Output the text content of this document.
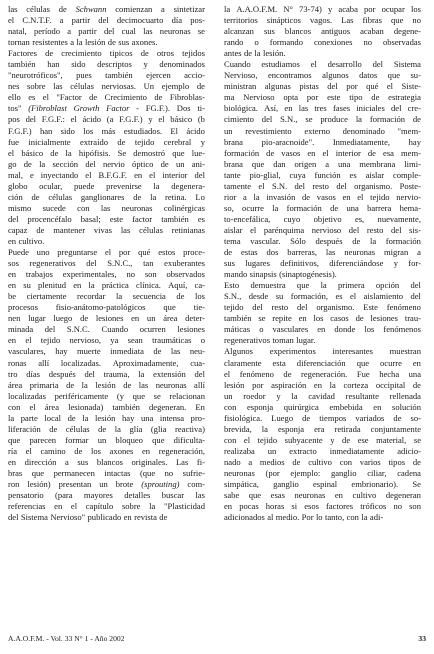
las células de Schwann comienzan a sintetizar
el C.N.T.F. a partir del decimocuarto día pos-
natal, período a partir del cual las neuronas se
tornan resistentes a la lesión de sus axones.
Factores de crecimiento tipicos de otros tejidos
también han sido descriptos y denominados
"neurotróficos", pues también ejercen accio-
nes sobre las células nerviosas. Un ejemplo de
ello es el "Factor de Crecimiento de Fibroblas-
tos" (Fibroblast Growth Factor - FG.F.). Dos ti-
pos del F.G.F.: el ácido (a F.G.F.) y el básico (b
F.G.F.) han sido los más estudiados. El ácido
fue inicialmente extraído de tejido cerebral y
el básico de la hipófisis. Se demostró que lue-
go de la sección del nervio óptico de un ani-
mal, e inyectando el B.F.G.F. en el interior del
globo ocular, puede prevenirse la degenera-
ción de células ganglionares de la retina. Lo
mismo sucede con las neuronas colinérgicas
del procencéfalo basal; este factor también es
capaz de mantener vivas las células retinianas
en cultivo.
Puede uno preguntarse el por qué estos proce-
sos regenerativos del S.N.C., tan exuberantes
en trabajos experimentales, no son observados
en su plenitud en la práctica clínica. Aquí, ca-
be ciertamente recordar la secuencia de los
procesos fisio-anátomo-patológicos que tie-
nen lugar luego de lesiones en un área deter-
minada del S.N.C. Cuando ocurren lesiones
en el tejido nervioso, ya sean traumáticas o
vasculares, hay muerte inmediata de las neu-
ronas allí localizadas. Aproximadamente, cua-
tro días después del trauma, la extensión del
área primaria de la lesión de las neuronas allí
localizadas periféricamente (y que se relacionan
con el área lesionada) también degeneran. En
la parte local de la lesión hay una intensa pro-
liferación de células de la glía (glia reactiva)
que parecen formar un bloqueo que dificulta-
ría el camino de los axones en regeneración,
en dirección a sus blancos originales. Las fi-
bras que permanecen intactas (que no sufrie-
ron lesión) presentan un brote (sprouting) com-
pensatorio (para mayores detalles buscar las
referencias en el capítulo sobre la "Plasticidad
del Sistema Nervioso" publicado en revista de
la A.A.O.F.M. N° 73-74) y acaba por ocupar los
territorios sinápticos vagos. Las fibras que no
alcanzan sus blancos antiguos acaban degene-
rando o formando conexiones no observadas
antes de la lesión.
Cuando estudiamos el desarrollo del Sistema
Nervioso, encontramos algunos datos que su-
ministran algunas pistas del por qué el Siste-
ma Nervioso opta por este tipo de estrategia
biológica. Así, en las tres fases iniciales del cre-
cimiento del S.N., se produce la formación de
un revestimiento externo denominado "mem-
brana pio-aracnoide". Inmediatamente, hay
formación de vasos en el interior de esa mem-
brana que dan origen a una membrana limi-
tante pio-glial, cuya función es aislar comple-
tamente el S.N. del resto del organismo. Poste-
rior a la invasión de vasos en el tejido nervio-
so, ocurre la formación de una barrera hema-
to-encefálica, cuyo objetivo es, nuevamente,
aislar el parénquima nervioso del resto del sis-
tema vascular. Sólo después de la formación
de estas dos barreras, las neuronas migran a
sus lugares definitivos, diferenciándose y for-
mando sinapsis (sinaptogénesis).
Esto demuestra que la primera opción del
S.N., desde su formación, es el aislamiento del
tejido del resto del organismo. Este fenómeno
también se repite en los casos de lesiones trau-
máticas o vasculares en donde los fenómenos
regenerativos toman lugar.
Algunos experimentos interesantes muestran
claramente esta diferenciación que ocurre en
el fenómeno de regeneración. Fue hecha una
lesión por aspiración en la corteza occipital de
un roedor y la cavidad resultante rellenada
con esponja quirúrgica embebida en solución
fisiológica. Luego de tiempos variados de so-
brevida, la esponja era retirada conjuntamente
con el tejido subyacente y de ese material, se
realizaba un extracto inmediatamente adicio-
nado a medios de cultivo con varios tipos de
neuronas (por ejemplo: ganglio ciliar, cadena
simpática, ganglio espinal embrionario). Se
sabe que esas neuronas en cultivo degeneran
en pocas horas si esos factores tróficos no son
adicionados al medio. Por lo tanto, con la adi-
A.A.O.F.M. - Vol. 33 N° 1 - Año 2002	33
